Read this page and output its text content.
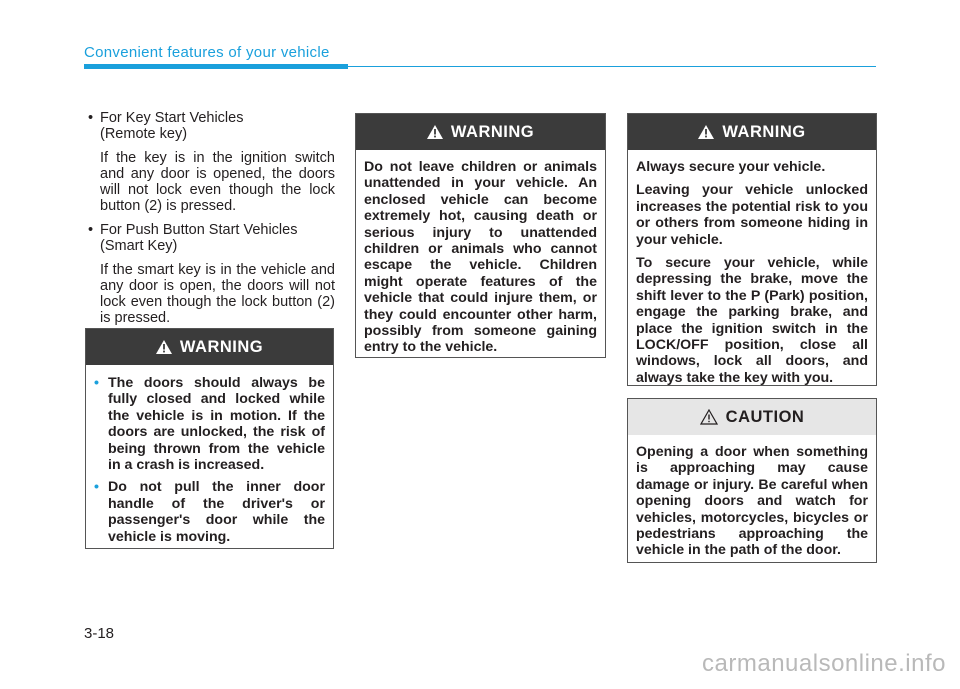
Convenient features of your vehicle
• For Key Start Vehicles

(Remote key)

If the key is in the ignition switch and any door is opened, the doors will not lock even though the lock button (2) is pressed.

• For Push Button Start Vehicles

(Smart Key)

If the smart key is in the vehicle and any door is open, the doors will not lock even though the lock button (2) is pressed.

WARNING
• The doors should always be fully closed and locked while the vehicle is in motion. If the doors are unlocked, the risk of being thrown from the vehicle in a crash is increased.
• Do not pull the inner door handle of the driver's or passenger's door while the vehicle is moving.
WARNING

Do not leave children or animals unattended in your vehicle. An enclosed vehicle can become extremely hot, causing death or serious injury to unattended children or animals who cannot escape the vehicle. Children might operate features of the vehicle that could injure them, or they could encounter other harm, possibly from someone gaining entry to the vehicle.

WARNING

Always secure your vehicle.

Leaving your vehicle unlocked increases the potential risk to you or others from someone hiding in your vehicle.

To secure your vehicle, while depressing the brake, move the shift lever to the P (Park) position, engage the parking brake, and place the ignition switch in the LOCK/OFF position, close all windows, lock all doors, and always take the key with you.

CAUTION

Opening a door when something is approaching may cause damage or injury. Be careful when opening doors and watch for vehicles, motorcycles, bicycles or pedestrians approaching the vehicle in the path of the door.

3-18
carmanualsonline.info
